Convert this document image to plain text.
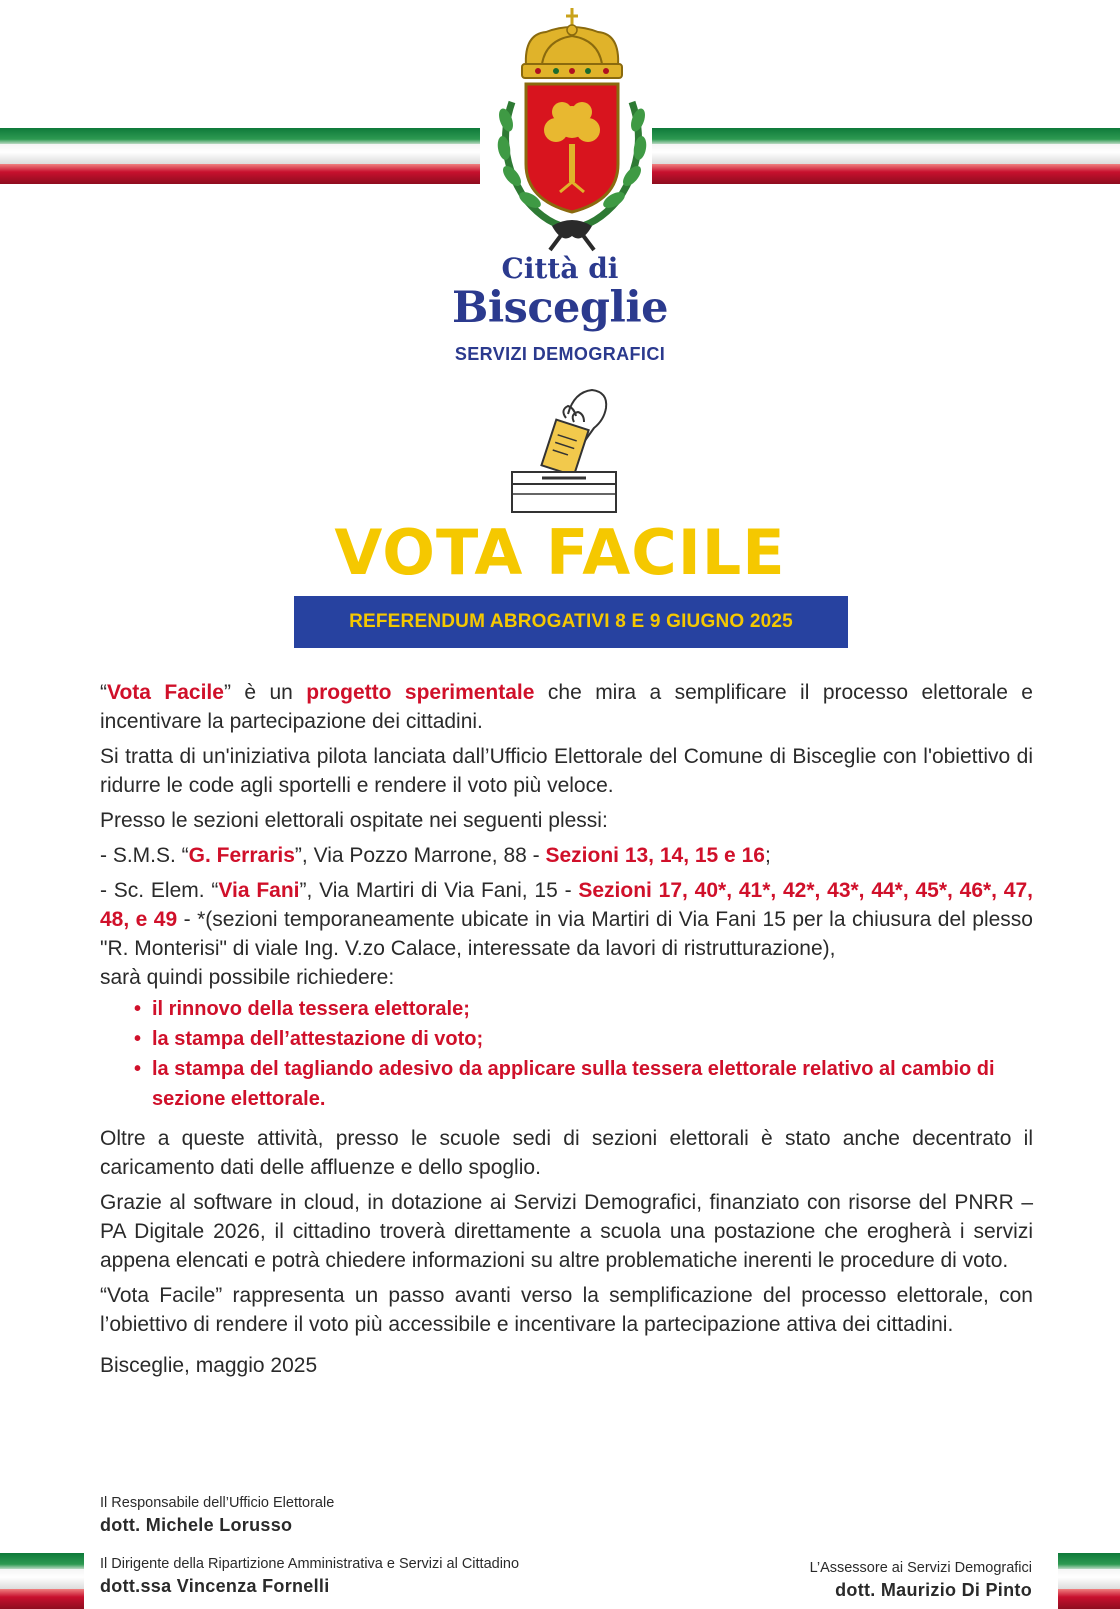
Città di
Bisceglie
SERVIZI DEMOGRAFICI
VOTA FACILE
REFERENDUM ABROGATIVI 8 E 9 GIUGNO 2025

“Vota Facile” è un progetto sperimentale che mira a semplificare il processo elettorale e incentivare la partecipazione dei cittadini.

Si tratta di un'iniziativa pilota lanciata dall’Ufficio Elettorale del Comune di Bisceglie con l'obiettivo di ridurre le code agli sportelli e rendere il voto più veloce.

Presso le sezioni elettorali ospitate nei seguenti plessi:

- S.M.S. “G. Ferraris”, Via Pozzo Marrone, 88 - Sezioni 13, 14, 15 e 16;

- Sc. Elem. “Via Fani”, Via Martiri di Via Fani, 15 - Sezioni 17, 40*, 41*, 42*, 43*, 44*, 45*, 46*, 47, 48, e 49 - *(sezioni temporaneamente ubicate in via Martiri di Via Fani 15 per la chiusura del plesso "R. Monterisi" di viale Ing. V.zo Calace, interessate da lavori di ristrutturazione),

sarà quindi possibile richiedere:

• il rinnovo della tessera elettorale;
• la stampa dell’attestazione di voto;
• la stampa del tagliando adesivo da applicare sulla tessera elettorale relativo al cambio di sezione elettorale.

Oltre a queste attività, presso le scuole sedi di sezioni elettorali è stato anche decentrato il caricamento dati delle affluenze e dello spoglio.

Grazie al software in cloud, in dotazione ai Servizi Demografici, finanziato con risorse del PNRR – PA Digitale 2026, il cittadino troverà direttamente a scuola una postazione che erogherà i servizi appena elencati e potrà chiedere informazioni su altre problematiche inerenti le procedure di voto.

“Vota Facile” rappresenta un passo avanti verso la semplificazione del processo elettorale, con l’obiettivo di rendere il voto più accessibile e incentivare la partecipazione attiva dei cittadini.

Bisceglie, maggio 2025

Il Responsabile dell’Ufficio Elettorale
dott. Michele Lorusso
Il Dirigente della Ripartizione Amministrativa e Servizi al Cittadino
dott.ssa Vincenza Fornelli
L’Assessore ai Servizi Demografici
dott. Maurizio Di Pinto
